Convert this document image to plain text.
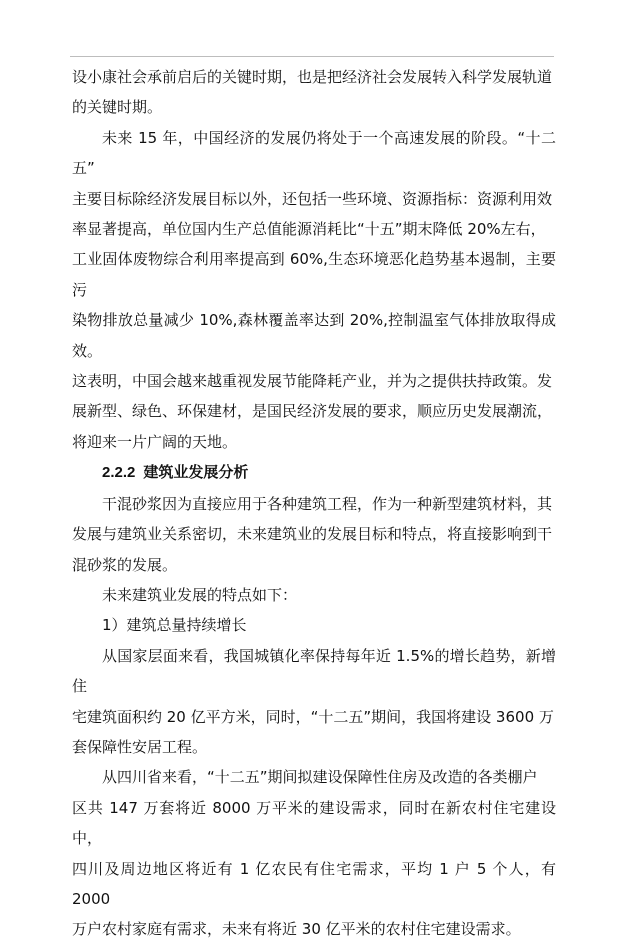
设小康社会承前启后的关键时期，也是把经济社会发展转入科学发展轨道
的关键时期。

未来 15 年，中国经济的发展仍将处于一个高速发展的阶段。“十二五”
主要目标除经济发展目标以外，还包括一些环境、资源指标：资源利用效
率显著提高，单位国内生产总值能源消耗比“十五”期末降低 20%左右，
工业固体废物综合利用率提高到 60%,生态环境恶化趋势基本遏制，主要污
染物排放总量减少 10%,森林覆盖率达到 20%,控制温室气体排放取得成效。
这表明，中国会越来越重视发展节能降耗产业，并为之提供扶持政策。发
展新型、绿色、环保建材，是国民经济发展的要求，顺应历史发展潮流，
将迎来一片广阔的天地。

2.2.2 建筑业发展分析

干混砂浆因为直接应用于各种建筑工程，作为一种新型建筑材料，其
发展与建筑业关系密切，未来建筑业的发展目标和特点，将直接影响到干
混砂浆的发展。

未来建筑业发展的特点如下：

1）建筑总量持续增长

从国家层面来看，我国城镇化率保持每年近 1.5%的增长趋势，新增住
宅建筑面积约 20 亿平方米，同时，“十二五”期间，我国将建设 3600 万
套保障性安居工程。

从四川省来看，“十二五”期间拟建设保障性住房及改造的各类棚户
区共 147 万套将近 8000 万平米的建设需求，同时在新农村住宅建设中，
四川及周边地区将近有 1 亿农民有住宅需求，平均 1 户 5 个人，有 2000
万户农村家庭有需求，未来有将近 30 亿平米的农村住宅建设需求。
